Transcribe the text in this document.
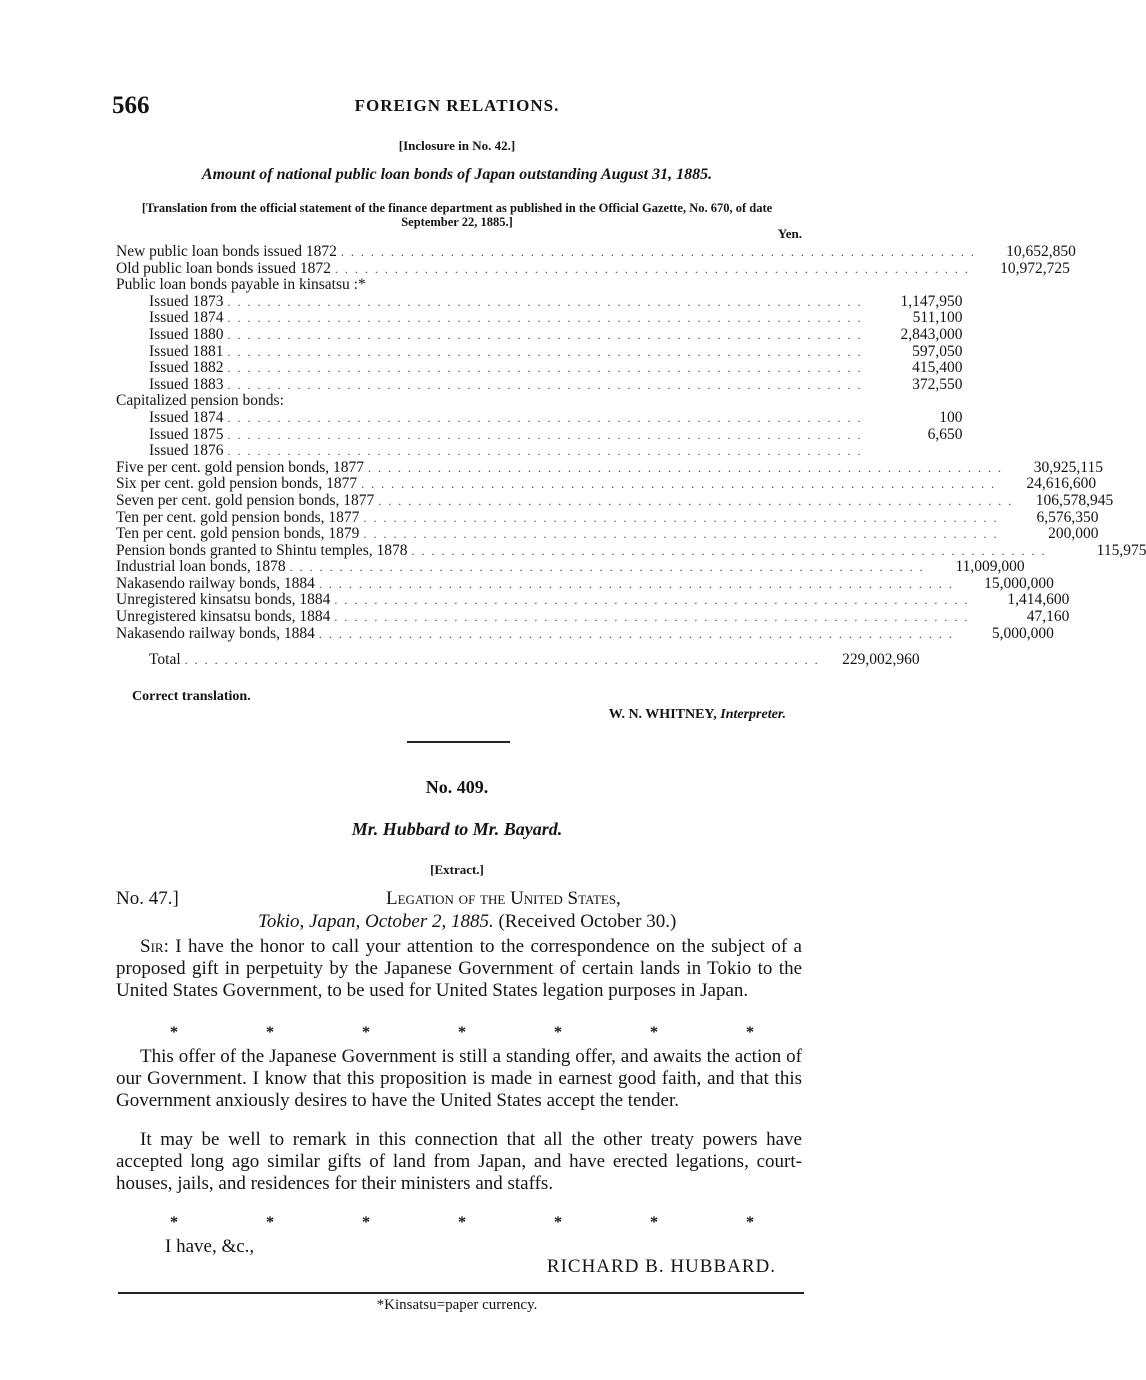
566	FOREIGN RELATIONS.
[Inclosure in No. 42.]
Amount of national public loan bonds of Japan outstanding August 31, 1885.
[Translation from the official statement of the finance department as published in the Official Gazette, No. 670, of date September 22, 1885.]
Yen.
New public loan bonds issued 1872 . . . . . . . . . . . . . . . . . . . . . . . . . . . . . . . . . . . . . . . . . . . . . . . . . . . . . . . . . . . . . . . .	10,652,850
Old public loan bonds issued 1872 . . . . . . . . . . . . . . . . . . . . . . . . . . . . . . . . . . . . . . . . . . . . . . . . . . . . . . . . . . . . . . . .	10,972,725
Public loan bonds payable in kinsatsu :*
Issued 1873 . . . . . . . . . . . . . . . . . . . . . . . . . . . . . . . . . . . . . . . . . . . . . . . . . . . . . . . . . . . . . . . .	1,147,950
Issued 1874 . . . . . . . . . . . . . . . . . . . . . . . . . . . . . . . . . . . . . . . . . . . . . . . . . . . . . . . . . . . . . . . .	511,100
Issued 1880 . . . . . . . . . . . . . . . . . . . . . . . . . . . . . . . . . . . . . . . . . . . . . . . . . . . . . . . . . . . . . . . .	2,843,000
Issued 1881 . . . . . . . . . . . . . . . . . . . . . . . . . . . . . . . . . . . . . . . . . . . . . . . . . . . . . . . . . . . . . . . .	597,050
Issued 1882 . . . . . . . . . . . . . . . . . . . . . . . . . . . . . . . . . . . . . . . . . . . . . . . . . . . . . . . . . . . . . . . .	415,400
Issued 1883 . . . . . . . . . . . . . . . . . . . . . . . . . . . . . . . . . . . . . . . . . . . . . . . . . . . . . . . . . . . . . . . .	372,550
Capitalized pension bonds:
Issued 1874 . . . . . . . . . . . . . . . . . . . . . . . . . . . . . . . . . . . . . . . . . . . . . . . . . . . . . . . . . . . . . . . .	100
Issued 1875 . . . . . . . . . . . . . . . . . . . . . . . . . . . . . . . . . . . . . . . . . . . . . . . . . . . . . . . . . . . . . . . .	6,650
Issued 1876 . . . . . . . . . . . . . . . . . . . . . . . . . . . . . . . . . . . . . . . . . . . . . . . . . . . . . . . . . . . . . . . .
Five per cent. gold pension bonds, 1877 . . . . . . . . . . . . . . . . . . . . . . . . . . . . . . . . . . . . . . . . . . . . . . . . . . . . . . . . . . . . . . . .	30,925,115
Six per cent. gold pension bonds, 1877 . . . . . . . . . . . . . . . . . . . . . . . . . . . . . . . . . . . . . . . . . . . . . . . . . . . . . . . . . . . . . . . .	24,616,600
Seven per cent. gold pension bonds, 1877 . . . . . . . . . . . . . . . . . . . . . . . . . . . . . . . . . . . . . . . . . . . . . . . . . . . . . . . . . . . . . . . .	106,578,945
Ten per cent. gold pension bonds, 1877 . . . . . . . . . . . . . . . . . . . . . . . . . . . . . . . . . . . . . . . . . . . . . . . . . . . . . . . . . . . . . . . .	6,576,350
Ten per cent. gold pension bonds, 1879 . . . . . . . . . . . . . . . . . . . . . . . . . . . . . . . . . . . . . . . . . . . . . . . . . . . . . . . . . . . . . . . .	200,000
Pension bonds granted to Shintu temples, 1878 . . . . . . . . . . . . . . . . . . . . . . . . . . . . . . . . . . . . . . . . . . . . . . . . . . . . . . . . . . . . . . . .	115,975
Industrial loan bonds, 1878 . . . . . . . . . . . . . . . . . . . . . . . . . . . . . . . . . . . . . . . . . . . . . . . . . . . . . . . . . . . . . . . .	11,009,000
Nakasendo railway bonds, 1884 . . . . . . . . . . . . . . . . . . . . . . . . . . . . . . . . . . . . . . . . . . . . . . . . . . . . . . . . . . . . . . . .	15,000,000
Unregistered kinsatsu bonds, 1884 . . . . . . . . . . . . . . . . . . . . . . . . . . . . . . . . . . . . . . . . . . . . . . . . . . . . . . . . . . . . . . . .	1,414,600
Unregistered kinsatsu bonds, 1884 . . . . . . . . . . . . . . . . . . . . . . . . . . . . . . . . . . . . . . . . . . . . . . . . . . . . . . . . . . . . . . . .	47,160
Nakasendo railway bonds, 1884 . . . . . . . . . . . . . . . . . . . . . . . . . . . . . . . . . . . . . . . . . . . . . . . . . . . . . . . . . . . . . . . .	5,000,000
Total . . . . . . . . . . . . . . . . . . . . . . . . . . . . . . . . . . . . . . . . . . . . . . . . . . . . . . . . . . . . . . . .	229,002,960
Correct translation.
W. N. WHITNEY, Interpreter.
No. 409.
Mr. Hubbard to Mr. Bayard.
[Extract.]
No. 47.]	Legation of the United States,
Tokio, Japan, October 2, 1885. (Received October 30.)
Sir: I have the honor to call your attention to the correspondence on the subject of a proposed gift in perpetuity by the Japanese Government of certain lands in Tokio to the United States Government, to be used for United States legation purposes in Japan.
*	*	*	*	*	*	*
This offer of the Japanese Government is still a standing offer, and awaits the action of our Government. I know that this proposition is made in earnest good faith, and that this Government anxiously desires to have the United States accept the tender.
It may be well to remark in this connection that all the other treaty powers have accepted long ago similar gifts of land from Japan, and have erected legations, court-houses, jails, and residences for their ministers and staffs.
*	*	*	*	*	*	*
I have, &c.,
RICHARD B. HUBBARD.
*Kinsatsu=paper currency.
